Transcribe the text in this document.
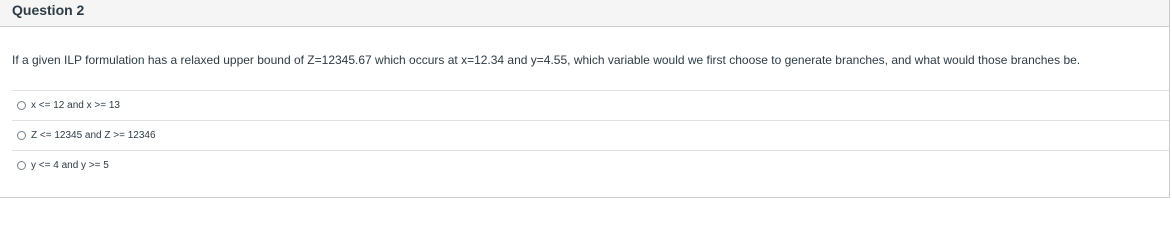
Question 2
If a given ILP formulation has a relaxed upper bound of Z=12345.67 which occurs at x=12.34 and y=4.55, which variable would we first choose to generate branches, and what would those branches be.
x <= 12 and x >= 13
Z <= 12345 and Z >= 12346
y <= 4 and y >= 5
